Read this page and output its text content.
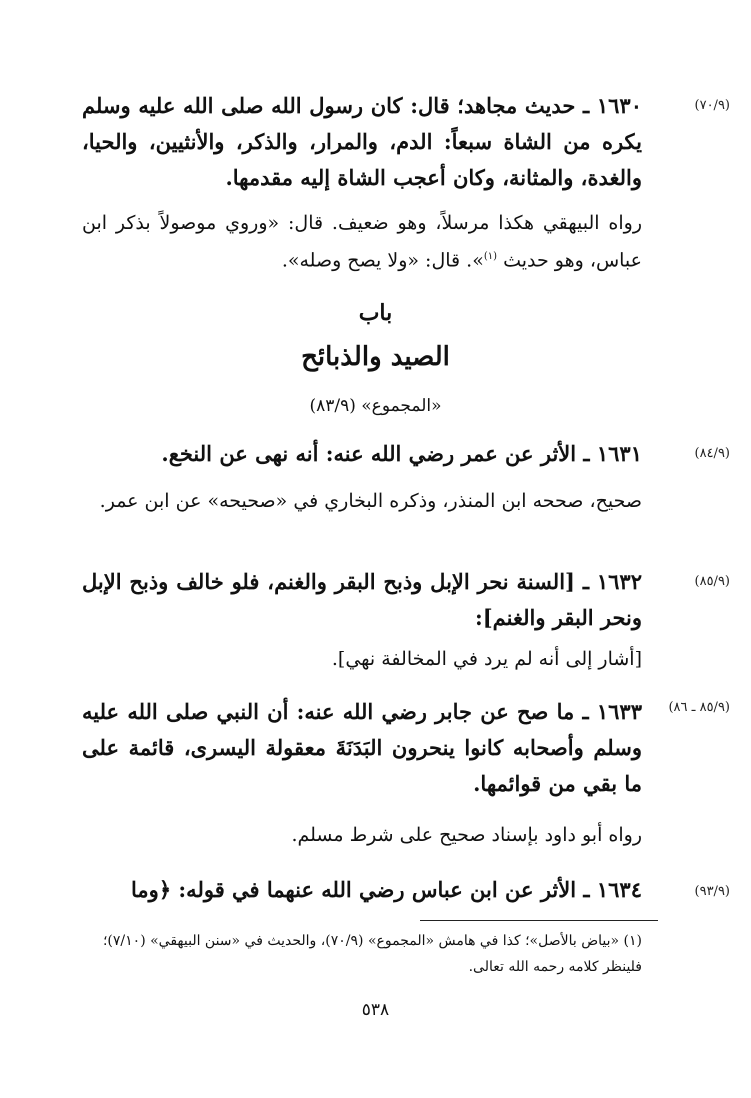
(٧٠/٩)

١٦٣٠ ـ حديث مجاهد؛ قال: كان رسول الله صلى الله عليه وسلم يكره من الشاة سبعاً: الدم، والمرار، والذكر، والأنثيين، والحيا، والغدة، والمثانة، وكان أعجب الشاة إليه مقدمها.

رواه البيهقي هكذا مرسلاً، وهو ضعيف. قال: «وروي موصولاً بذكر ابن عباس، وهو حديث $^{(١)}$». قال: «ولا يصح وصله».

باب

الصيد والذبائح

«المجموع» (٨٣/٩)

(٨٤/٩)

١٦٣١ ـ الأثر عن عمر رضي الله عنه: أنه نهى عن النخع.

صحيح، صححه ابن المنذر، وذكره البخاري في «صحيحه» عن ابن عمر.

(٨٥/٩)

١٦٣٢ ـ [السنة نحر الإبل وذبح البقر والغنم، فلو خالف وذبح الإبل ونحر البقر والغنم]:

[أشار إلى أنه لم يرد في المخالفة نهي].

(٨٥/٩ ـ ٨٦)

١٦٣٣ ـ ما صح عن جابر رضي الله عنه: أن النبي صلى الله عليه وسلم وأصحابه كانوا ينحرون البَدَنَةَ معقولة اليسرى، قائمة على ما بقي من قوائمها.

رواه أبو داود بإسناد صحيح على شرط مسلم.

(٩٣/٩)

١٦٣٤ ـ الأثر عن ابن عباس رضي الله عنهما في قوله: ﴿وما

(١) «بياض بالأصل»؛ كذا في هامش «المجموع» (٧٠/٩)، والحديث في «سنن البيهقي» (٧/١٠)؛ فلينظر كلامه رحمه الله تعالى.

٥٣٨
